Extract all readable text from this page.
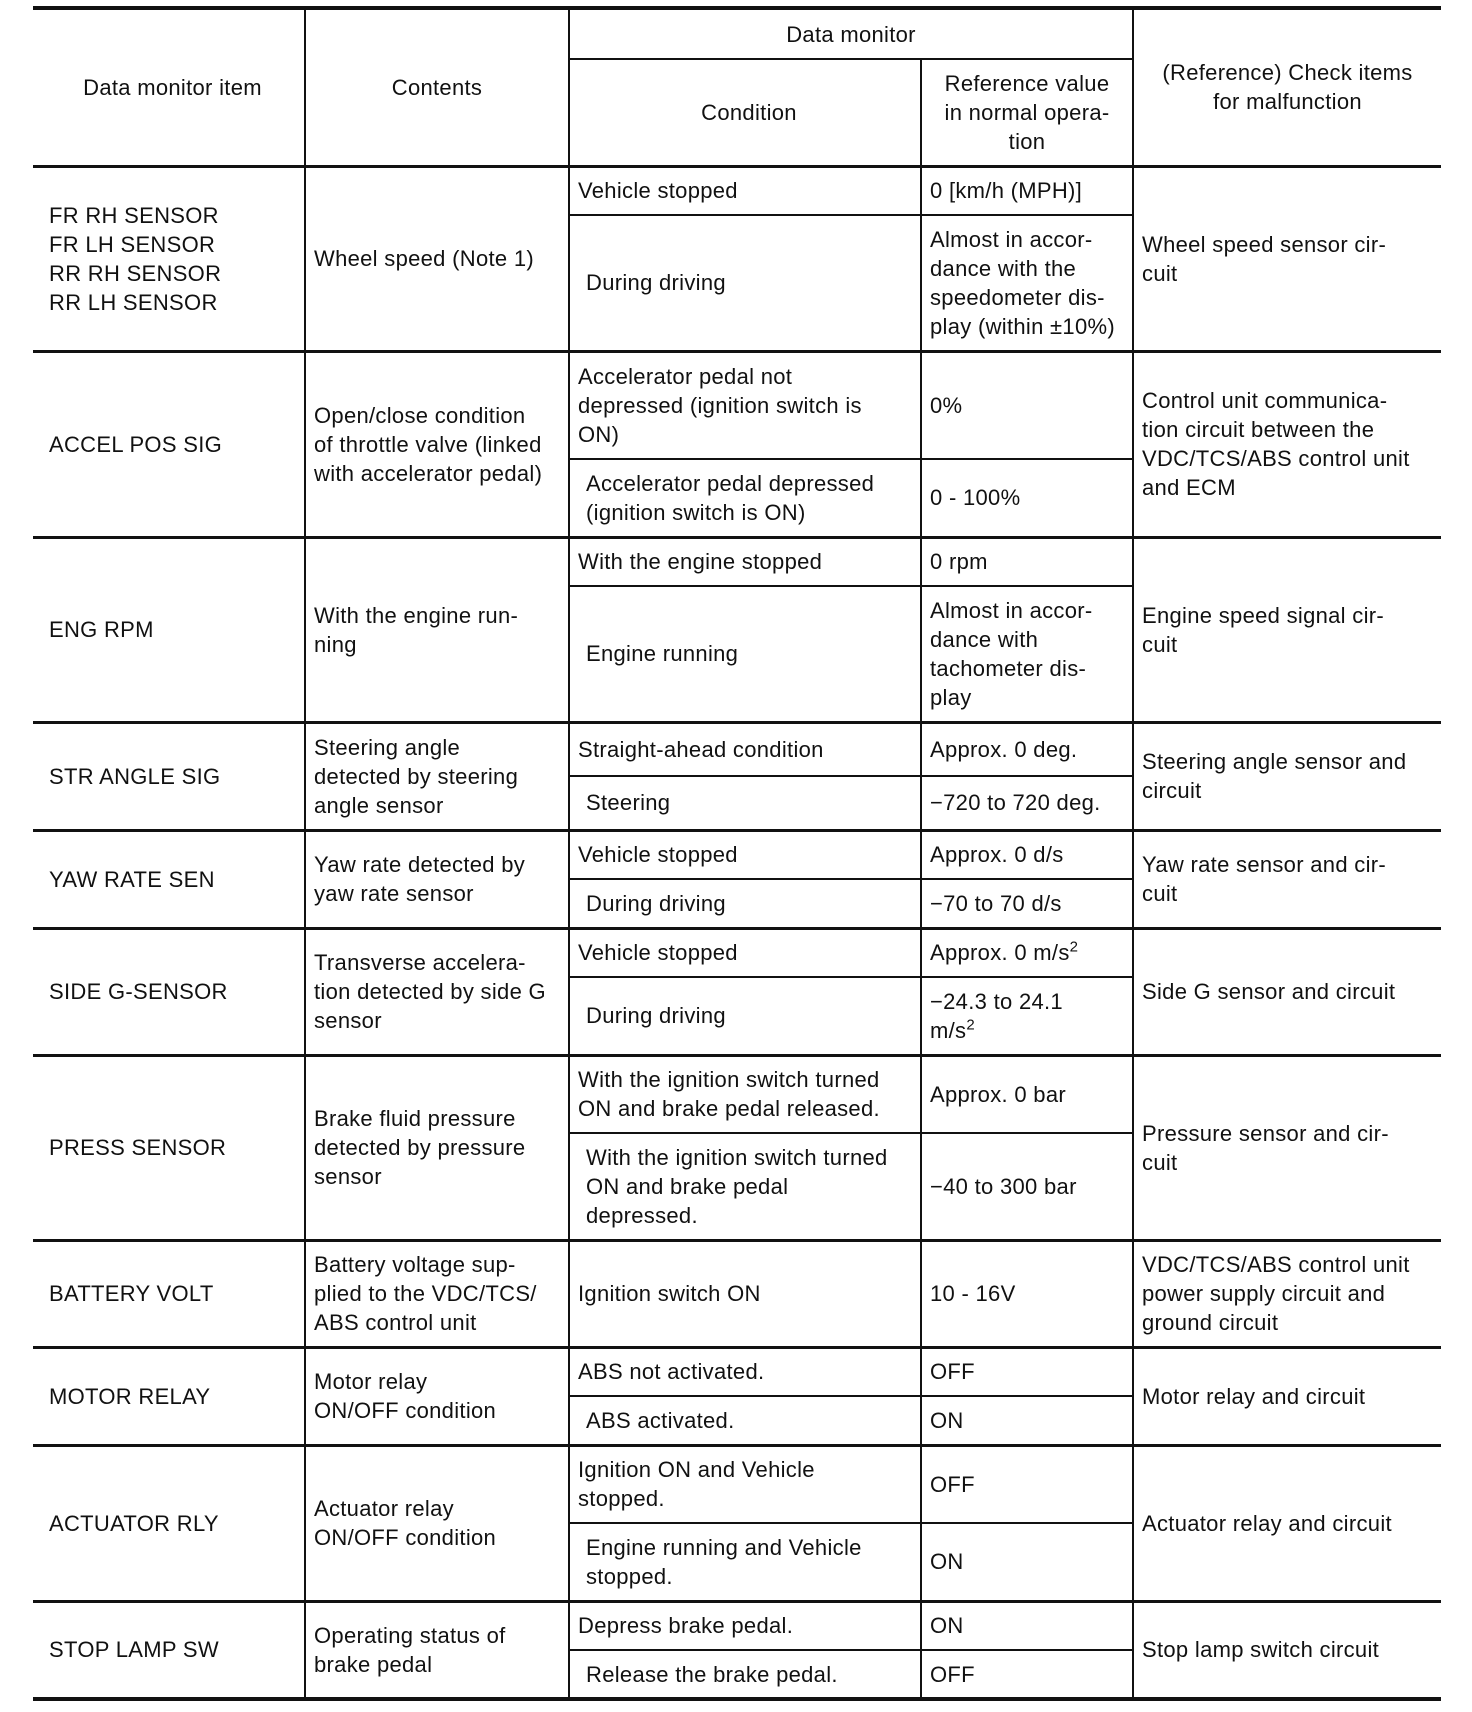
Data monitor item	Contents	Data monitor		(Reference) Check items
for malfunction
		Condition	Reference value
in normal opera-
tion	
FR RH SENSOR
FR LH SENSOR
RR RH SENSOR
RR LH SENSOR	Wheel speed (Note 1)	Vehicle stopped	0 [km/h (MPH)]	Wheel speed sensor cir-
cuit
		During driving	Almost in accor-
dance with the
speedometer dis-
play (within ±10%)	
ACCEL POS SIG	Open/close condition
of throttle valve (linked
with accelerator pedal)	Accelerator pedal not
depressed (ignition switch is
ON)	0%	Control unit communica-
tion circuit between the
VDC/TCS/ABS control unit
and ECM
		Accelerator pedal depressed
(ignition switch is ON)	0 - 100%	
ENG RPM	With the engine run-
ning	With the engine stopped	0 rpm	Engine speed signal cir-
cuit
		Engine running	Almost in accor-
dance with
tachometer dis-
play	
STR ANGLE SIG	Steering angle
detected by steering
angle sensor	Straight-ahead condition	Approx. 0 deg.	Steering angle sensor and
circuit
		Steering	−720 to 720 deg.	
YAW RATE SEN	Yaw rate detected by
yaw rate sensor	Vehicle stopped	Approx. 0 d/s	Yaw rate sensor and cir-
cuit
		During driving	−70 to 70 d/s	
SIDE G-SENSOR	Transverse accelera-
tion detected by side G
sensor	Vehicle stopped	Approx. 0 $m/s^2$	Side G sensor and circuit
		During driving	−24.3 to 24.1
$m/s^2$
PRESS SENSOR	Brake fluid pressure
detected by pressure
sensor	With the ignition switch turned
ON and brake pedal released.	Approx. 0 bar	Pressure sensor and cir-
cuit
		With the ignition switch turned
ON and brake pedal
depressed.	−40 to 300 bar	
BATTERY VOLT	Battery voltage sup-
plied to the VDC/TCS/
ABS control unit	Ignition switch ON	10 - 16V	VDC/TCS/ABS control unit
power supply circuit and
ground circuit
MOTOR RELAY	Motor relay
ON/OFF condition	ABS not activated.	OFF	Motor relay and circuit
		ABS activated.	ON	
ACTUATOR RLY	Actuator relay
ON/OFF condition	Ignition ON and Vehicle
stopped.	OFF	Actuator relay and circuit
		Engine running and Vehicle
stopped.	ON	
STOP LAMP SW	Operating status of
brake pedal	Depress brake pedal.	ON	Stop lamp switch circuit
		Release the brake pedal.	OFF	
